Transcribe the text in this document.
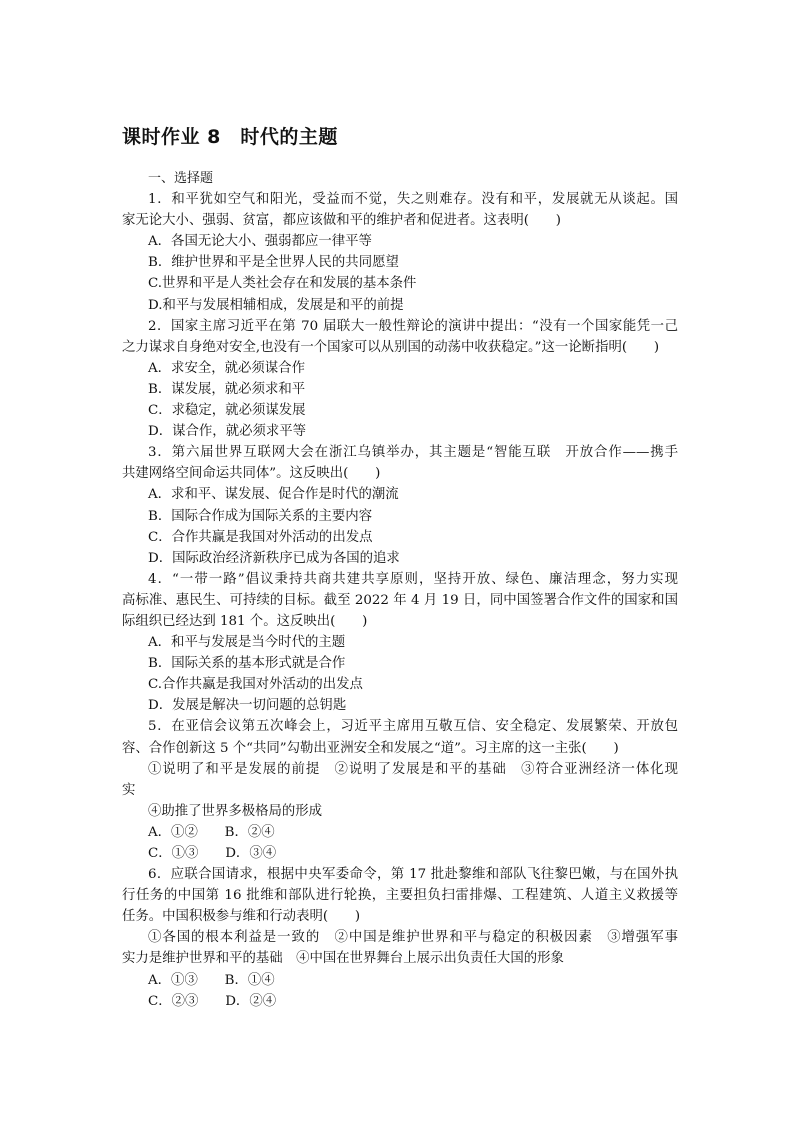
课时作业 8　时代的主题
一、选择题
1．和平犹如空气和阳光，受益而不觉，失之则难存。没有和平，发展就无从谈起。国
家无论大小、强弱、贫富，都应该做和平的维护者和促进者。这表明(　　)
A．各国无论大小、强弱都应一律平等
B．维护世界和平是全世界人民的共同愿望
C.世界和平是人类社会存在和发展的基本条件
D.和平与发展相辅相成，发展是和平的前提
2．国家主席习近平在第 70 届联大一般性辩论的演讲中提出：“没有一个国家能凭一己
之力谋求自身绝对安全,也没有一个国家可以从别国的动荡中收获稳定。”这一论断指明(　　)
A．求安全，就必须谋合作
B．谋发展，就必须求和平
C．求稳定，就必须谋发展
D．谋合作，就必须求平等
3．第六届世界互联网大会在浙江乌镇举办，其主题是“智能互联　开放合作——携手
共建网络空间命运共同体”。这反映出(　　)
A．求和平、谋发展、促合作是时代的潮流
B．国际合作成为国际关系的主要内容
C．合作共赢是我国对外活动的出发点
D．国际政治经济新秩序已成为各国的追求
4．“一带一路”倡议秉持共商共建共享原则，坚持开放、绿色、廉洁理念，努力实现
高标准、惠民生、可持续的目标。截至 2022 年 4 月 19 日，同中国签署合作文件的国家和国
际组织已经达到 181 个。这反映出(　　)
A．和平与发展是当今时代的主题
B．国际关系的基本形式就是合作
C.合作共赢是我国对外活动的出发点
D．发展是解决一切问题的总钥匙
5．在亚信会议第五次峰会上，习近平主席用互敬互信、安全稳定、发展繁荣、开放包
容、合作创新这 5 个“共同”勾勒出亚洲安全和发展之“道”。习主席的这一主张(　　)
①说明了和平是发展的前提　②说明了发展是和平的基础　③符合亚洲经济一体化现
实
④助推了世界多极格局的形成
A．①②　　B．②④
C．①③　　D．③④
6．应联合国请求，根据中央军委命令，第 17 批赴黎维和部队飞往黎巴嫩，与在国外执
行任务的中国第 16 批维和部队进行轮换，主要担负扫雷排爆、工程建筑、人道主义救援等
任务。中国积极参与维和行动表明(　　)
①各国的根本利益是一致的　②中国是维护世界和平与稳定的积极因素　③增强军事
实力是维护世界和平的基础　④中国在世界舞台上展示出负责任大国的形象
A．①③　　B．①④
C．②③　　D．②④
